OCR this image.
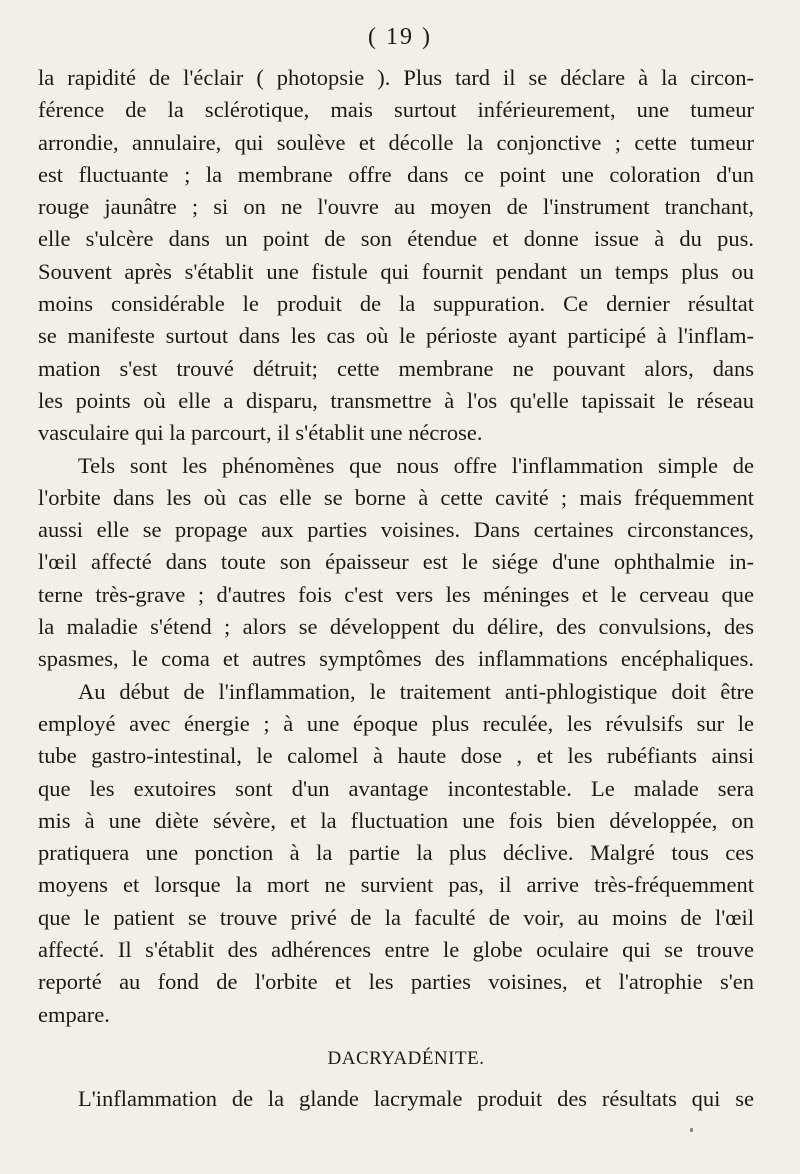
( 19 )
la rapidité de l'éclair ( photopsie ). Plus tard il se déclare à la circon-
férence de la sclérotique, mais surtout inférieurement, une tumeur
arrondie, annulaire, qui soulève et décolle la conjonctive ; cette tumeur
est fluctuante ; la membrane offre dans ce point une coloration d'un
rouge jaunâtre ; si on ne l'ouvre au moyen de l'instrument tranchant,
elle s'ulcère dans un point de son étendue et donne issue à du pus.
Souvent après s'établit une fistule qui fournit pendant un temps plus ou
moins considérable le produit de la suppuration. Ce dernier résultat
se manifeste surtout dans les cas où le périoste ayant participé à l'inflam-
mation s'est trouvé détruit; cette membrane ne pouvant alors, dans
les points où elle a disparu, transmettre à l'os qu'elle tapissait le réseau
vasculaire qui la parcourt, il s'établit une nécrose.
Tels sont les phénomènes que nous offre l'inflammation simple de
l'orbite dans les où cas elle se borne à cette cavité ; mais fréquemment
aussi elle se propage aux parties voisines. Dans certaines circonstances,
l'œil affecté dans toute son épaisseur est le siége d'une ophthalmie in-
terne très-grave ; d'autres fois c'est vers les méninges et le cerveau que
la maladie s'étend ; alors se développent du délire, des convulsions, des
spasmes, le coma et autres symptômes des inflammations encéphaliques.
Au début de l'inflammation, le traitement anti-phlogistique doit être
employé avec énergie ; à une époque plus reculée, les révulsifs sur le
tube gastro-intestinal, le calomel à haute dose , et les rubéfiants ainsi
que les exutoires sont d'un avantage incontestable. Le malade sera
mis à une diète sévère, et la fluctuation une fois bien développée, on
pratiquera une ponction à la partie la plus déclive. Malgré tous ces
moyens et lorsque la mort ne survient pas, il arrive très-fréquemment
que le patient se trouve privé de la faculté de voir, au moins de l'œil
affecté. Il s'établit des adhérences entre le globe oculaire qui se trouve
reporté au fond de l'orbite et les parties voisines, et l'atrophie s'en
empare.
DACRYADÉNITE.
L'inflammation de la glande lacrymale produit des résultats qui se
